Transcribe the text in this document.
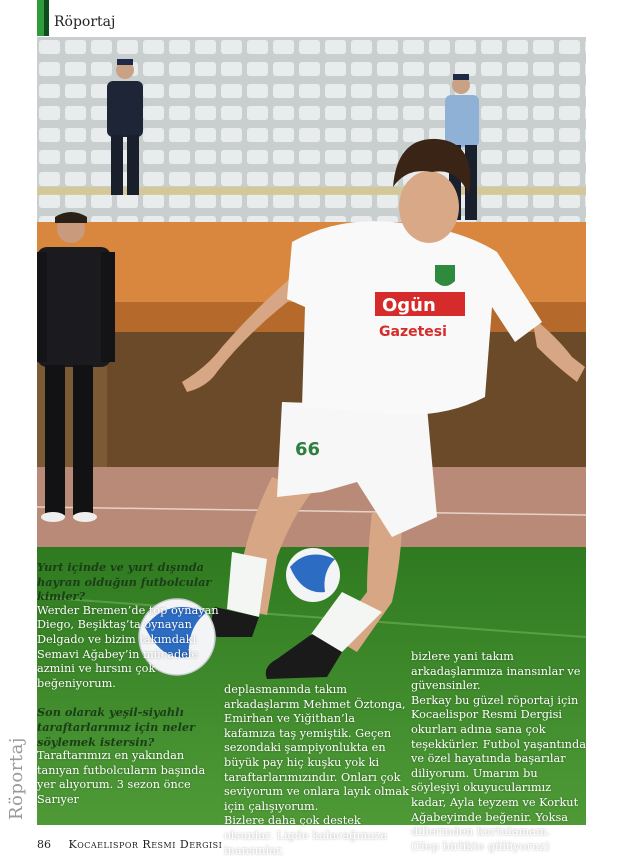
Röportaj
66
Ogün
Gazetesi

Yurt içinde ve yurt dışında hayran olduğun futbolcular kimler?

Werder Bremen’de top oynayan Diego, Beşiktaş’ta oynayan Delgado ve bizim takımdaki Semavi Ağabey’in mücadele azmini ve hırsını çok beğeniyorum.

Son olarak yeşil-siyahlı taraftarlarımız için neler söylemek istersin?

Taraftarımızı en yakından tanıyan futbolcuların başında yer alıyorum. 3 sezon önce Sarıyer

deplasmanında takım arkadaşlarım Mehmet Öztonga, Emirhan ve Yiğithan’la kafamıza taş yemiştik. Geçen sezondaki şampiyonlukta en büyük pay hiç kuşku yok ki taraftarlarımızındır. Onları çok seviyorum ve onlara layık olmak için çalışıyorum.

Bizlere daha çok destek olsunlar. Ligde kalacağımıza inansınlar,

bizlere yani takım arkadaşlarımıza inansınlar ve güvensinler.

Berkay bu güzel röportaj için Kocaelispor Resmi Dergisi okurları adına sana çok teşekkürler. Futbol yaşantında ve özel hayatında başarılar diliyorum. Umarım bu söyleşiyi okuyucularımız kadar, Ayla teyzem ve Korkut Ağabeyimde beğenir. Yoksa dillerinden kurtulamam.

(Hep birlikte gülüyoruz)

Röportaj
86 Kocaelispor Resmi Dergisi
